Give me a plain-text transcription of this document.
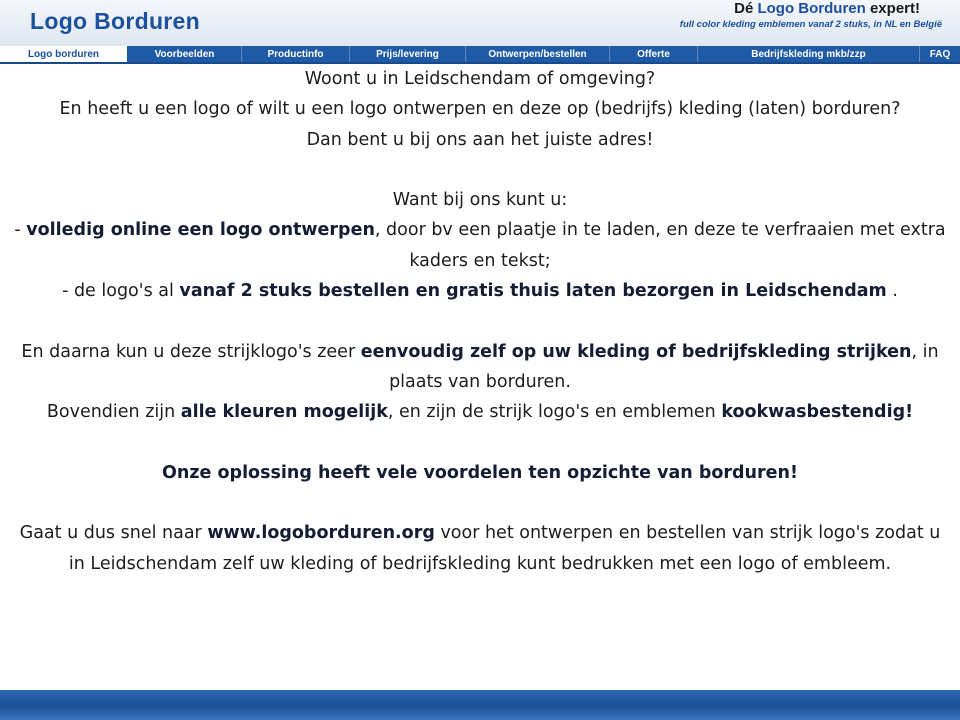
Logo Borduren	Dé Logo Borduren expert!
full color kleding emblemen vanaf 2 stuks, in NL en België
Logo borduren	Voorbeelden	Productinfo	Prijs/levering	Ontwerpen/bestellen	Offerte	Bedrijfskleding mkb/zzp	FAQ

Woont u in Leidschendam of omgeving?

En heeft u een logo of wilt u een logo ontwerpen en deze op (bedrijfs) kleding (laten) borduren?

Dan bent u bij ons aan het juiste adres!

Want bij ons kunt u:

- volledig online een logo ontwerpen, door bv een plaatje in te laden, en deze te verfraaien met extra kaders en tekst;

- de logo's al vanaf 2 stuks bestellen en gratis thuis laten bezorgen in Leidschendam .

En daarna kun u deze strijklogo's zeer eenvoudig zelf op uw kleding of bedrijfskleding strijken, in plaats van borduren.

Bovendien zijn alle kleuren mogelijk, en zijn de strijk logo's en emblemen kookwasbestendig!

Onze oplossing heeft vele voordelen ten opzichte van borduren!

Gaat u dus snel naar www.logoborduren.org voor het ontwerpen en bestellen van strijk logo's zodat u in Leidschendam zelf uw kleding of bedrijfskleding kunt bedrukken met een logo of embleem.
